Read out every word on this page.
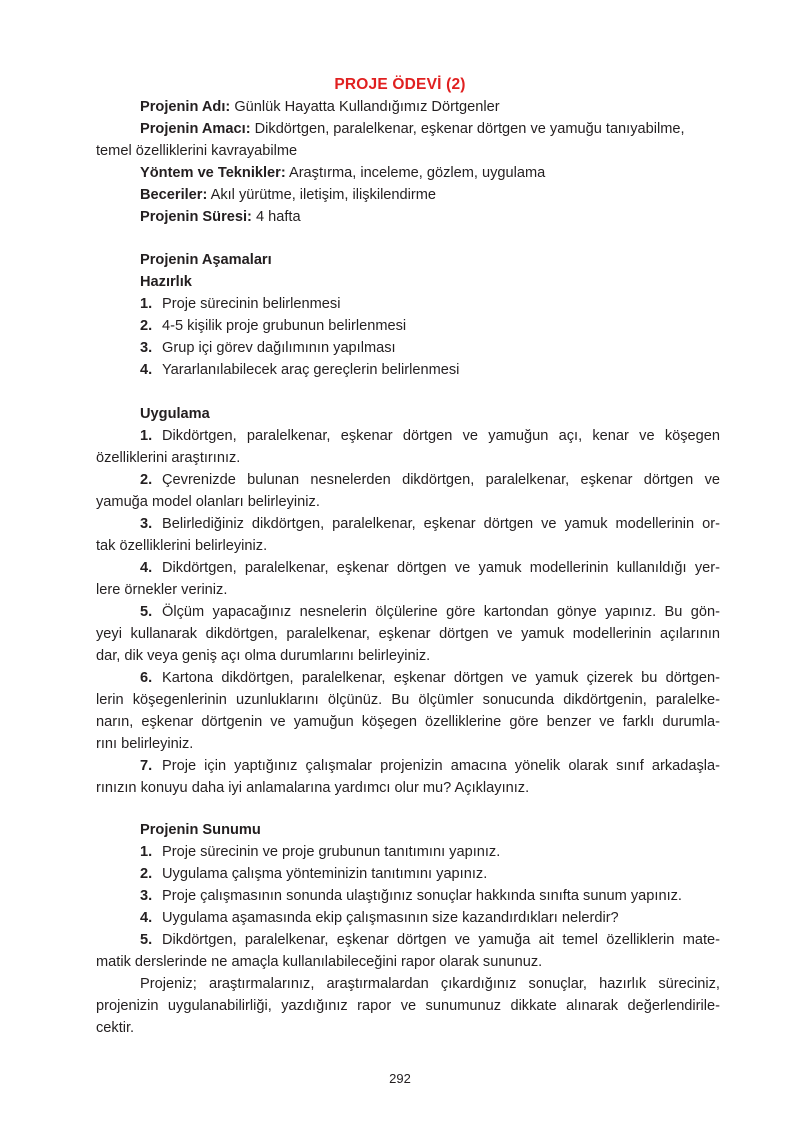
PROJE ÖDEVİ (2)
Projenin Adı: Günlük Hayatta Kullandığımız Dörtgenler
Projenin Amacı: Dikdörtgen, paralelkenar, eşkenar dörtgen ve yamuğu tanıyabilme,
temel özelliklerini kavrayabilme
Yöntem ve Teknikler: Araştırma, inceleme, gözlem, uygulama
Beceriler: Akıl yürütme, iletişim, ilişkilendirme
Projenin Süresi: 4 hafta
Projenin Aşamaları
Hazırlık
1. Proje sürecinin belirlenmesi
2. 4-5 kişilik proje grubunun belirlenmesi
3. Grup içi görev dağılımının yapılması
4. Yararlanılabilecek araç gereçlerin belirlenmesi
Uygulama
1. Dikdörtgen, paralelkenar, eşkenar dörtgen ve yamuğun açı, kenar ve köşegen
özelliklerini araştırınız.
2. Çevrenizde bulunan nesnelerden dikdörtgen, paralelkenar, eşkenar dörtgen ve
yamuğa model olanları belirleyiniz.
3. Belirlediğiniz dikdörtgen, paralelkenar, eşkenar dörtgen ve yamuk modellerinin or-
tak özelliklerini belirleyiniz.
4. Dikdörtgen, paralelkenar, eşkenar dörtgen ve yamuk modellerinin kullanıldığı yer-
lere örnekler veriniz.
5. Ölçüm yapacağınız nesnelerin ölçülerine göre kartondan gönye yapınız. Bu gön-
yeyi kullanarak dikdörtgen, paralelkenar, eşkenar dörtgen ve yamuk modellerinin açılarının
dar, dik veya geniş açı olma durumlarını belirleyiniz.
6. Kartona dikdörtgen, paralelkenar, eşkenar dörtgen ve yamuk çizerek bu dörtgen-
lerin köşegenlerinin uzunluklarını ölçünüz. Bu ölçümler sonucunda dikdörtgenin, paralelke-
narın, eşkenar dörtgenin ve yamuğun köşegen özelliklerine göre benzer ve farklı durumla-
rını belirleyiniz.
7. Proje için yaptığınız çalışmalar projenizin amacına yönelik olarak sınıf arkadaşla-
rınızın konuyu daha iyi anlamalarına yardımcı olur mu? Açıklayınız.
Projenin Sunumu
1. Proje sürecinin ve proje grubunun tanıtımını yapınız.
2. Uygulama çalışma yönteminizin tanıtımını yapınız.
3. Proje çalışmasının sonunda ulaştığınız sonuçlar hakkında sınıfta sunum yapınız.
4. Uygulama aşamasında ekip çalışmasının size kazandırdıkları nelerdir?
5. Dikdörtgen, paralelkenar, eşkenar dörtgen ve yamuğa ait temel özelliklerin mate-
matik derslerinde ne amaçla kullanılabileceğini rapor olarak sununuz.
Projeniz; araştırmalarınız, araştırmalardan çıkardığınız sonuçlar, hazırlık süreciniz,
projenizin uygulanabilirliği, yazdığınız rapor ve sunumunuz dikkate alınarak değerlendirile-
cektir.
292
